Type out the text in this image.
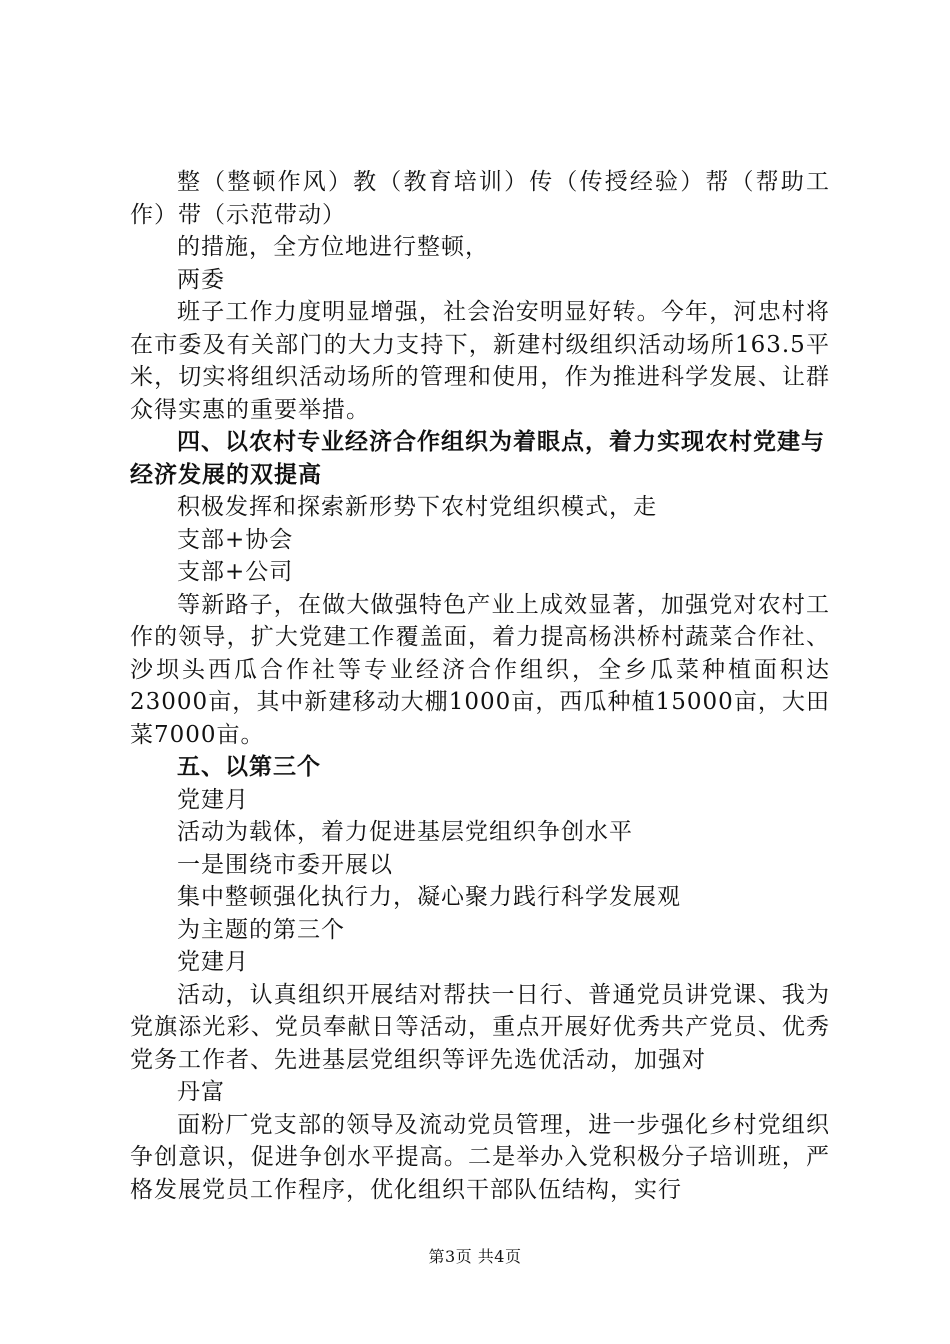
整（整顿作风）教（教育培训）传（传授经验）帮（帮助工作）带（示范带动）

的措施，全方位地进行整顿，

两委

班子工作力度明显增强，社会治安明显好转。今年，河忠村将在市委及有关部门的大力支持下，新建村级组织活动场所163.5平米，切实将组织活动场所的管理和使用，作为推进科学发展、让群众得实惠的重要举措。

四、以农村专业经济合作组织为着眼点，着力实现农村党建与经济发展的双提高

积极发挥和探索新形势下农村党组织模式，走

支部+协会

支部+公司

等新路子，在做大做强特色产业上成效显著，加强党对农村工作的领导，扩大党建工作覆盖面，着力提高杨洪桥村蔬菜合作社、沙坝头西瓜合作社等专业经济合作组织，全乡瓜菜种植面积达23000亩，其中新建移动大棚1000亩，西瓜种植15000亩，大田菜7000亩。

五、以第三个

党建月

活动为载体，着力促进基层党组织争创水平

一是围绕市委开展以

集中整顿强化执行力，凝心聚力践行科学发展观

为主题的第三个

党建月

活动，认真组织开展结对帮扶一日行、普通党员讲党课、我为党旗添光彩、党员奉献日等活动，重点开展好优秀共产党员、优秀党务工作者、先进基层党组织等评先选优活动，加强对

丹富

面粉厂党支部的领导及流动党员管理，进一步强化乡村党组织争创意识，促进争创水平提高。二是举办入党积极分子培训班，严格发展党员工作程序，优化组织干部队伍结构，实行

第3页 共4页
